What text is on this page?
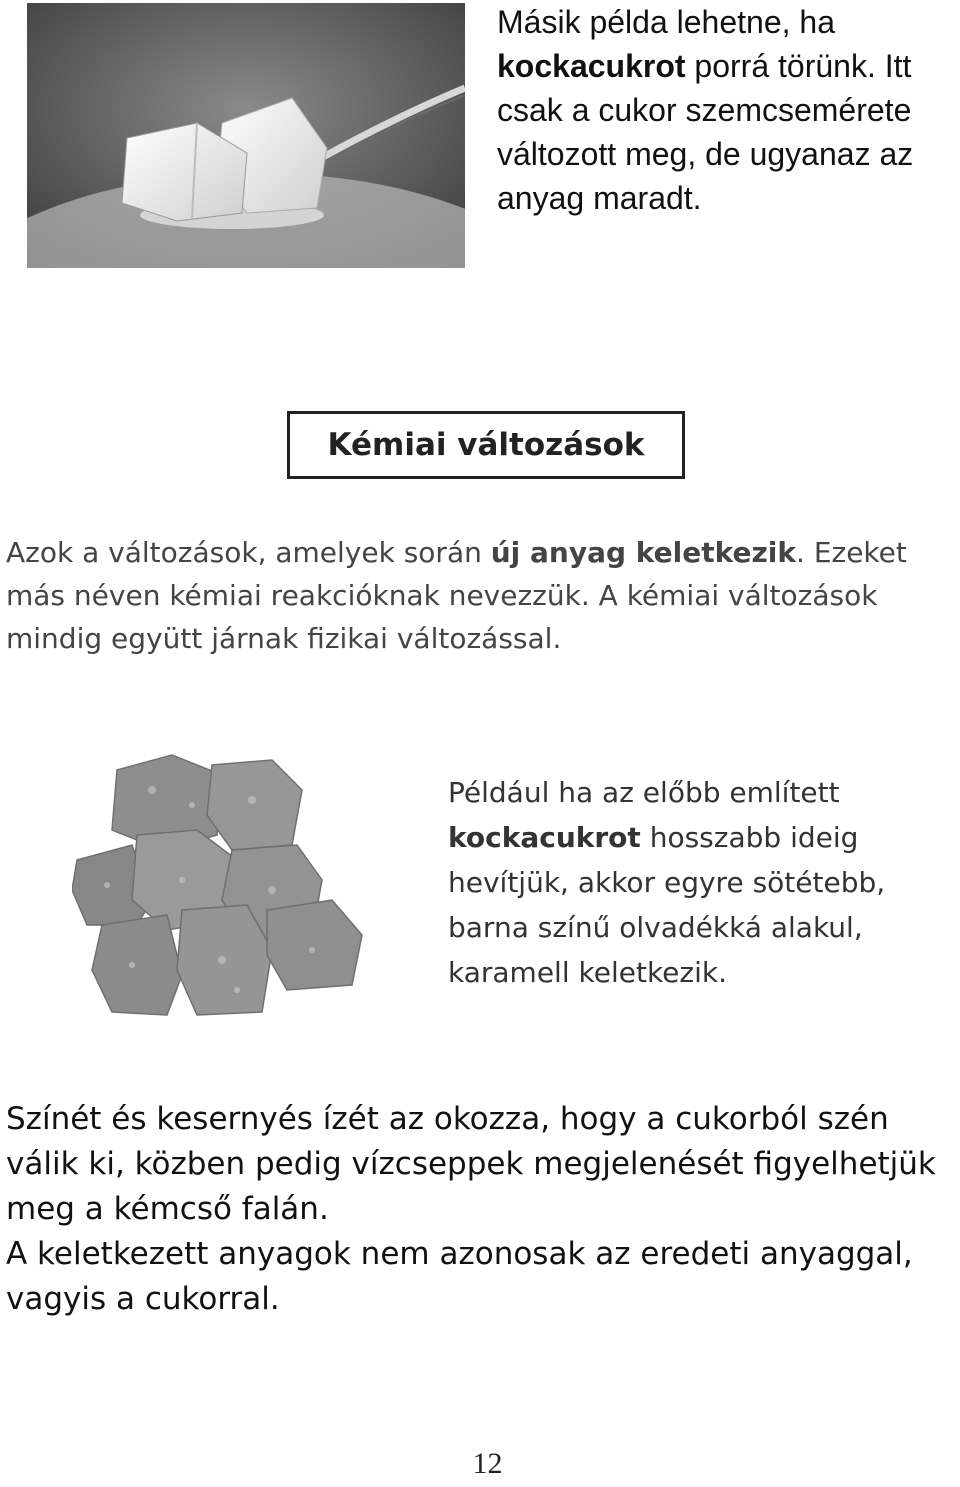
Másik példa lehetne, ha kockacukrot porrá törünk. Itt csak a cukor szemcsemérete változott meg, de ugyanaz az anyag maradt.
Kémiai változások
Azok a változások, amelyek során új anyag keletkezik. Ezeket más néven kémiai reakcióknak nevezzük. A kémiai változások mindig együtt járnak fizikai változással.
Például ha az előbb említett kockacukrot hosszabb ideig hevítjük, akkor egyre sötétebb, barna színű olvadékká alakul, karamell keletkezik.
Színét és kesernyés ízét az okozza, hogy a cukorból szén válik ki, közben pedig vízcseppek megjelenését figyelhetjük meg a kémcső falán.
A keletkezett anyagok nem azonosak az eredeti anyaggal, vagyis a cukorral.
12
